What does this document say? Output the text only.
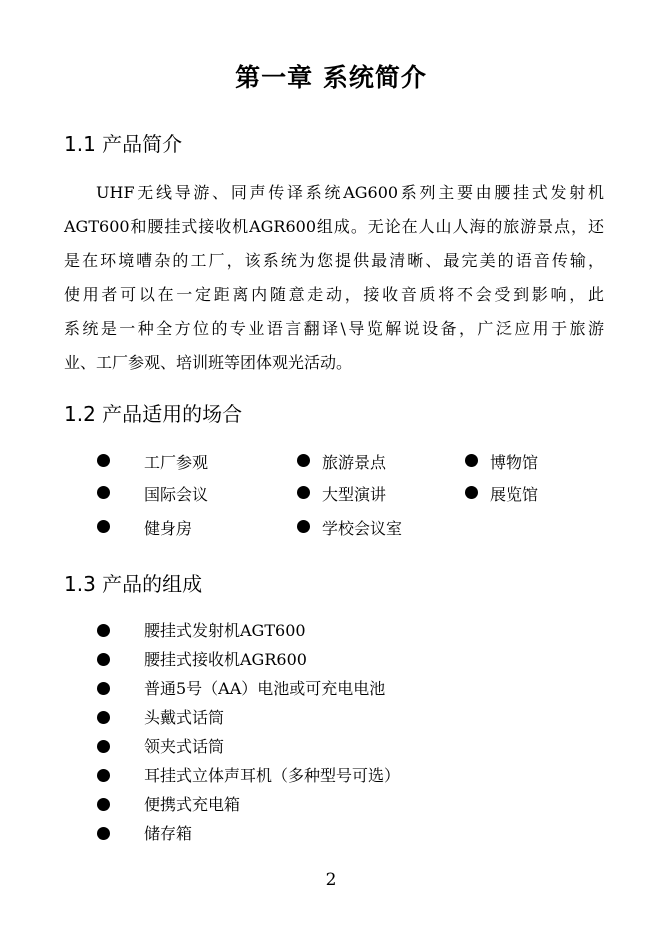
第一章 系统简介
1.1 产品简介
UHF无线导游、同声传译系统AG600系列主要由腰挂式发射机
AGT600和腰挂式接收机AGR600组成。无论在人山人海的旅游景点，还
是在环境嘈杂的工厂，该系统为您提供最清晰、最完美的语音传输，
使用者可以在一定距离内随意走动，接收音质将不会受到影响，此
系统是一种全方位的专业语言翻译\导览解说设备，广泛应用于旅游
业、工厂参观、培训班等团体观光活动。
1.2 产品适用的场合
工厂参观	旅游景点	博物馆
国际会议	大型演讲	展览馆
健身房	学校会议室
1.3 产品的组成
腰挂式发射机AGT600
腰挂式接收机AGR600
普通5号（AA）电池或可充电电池
头戴式话筒
领夹式话筒
耳挂式立体声耳机（多种型号可选）
便携式充电箱
储存箱
2
